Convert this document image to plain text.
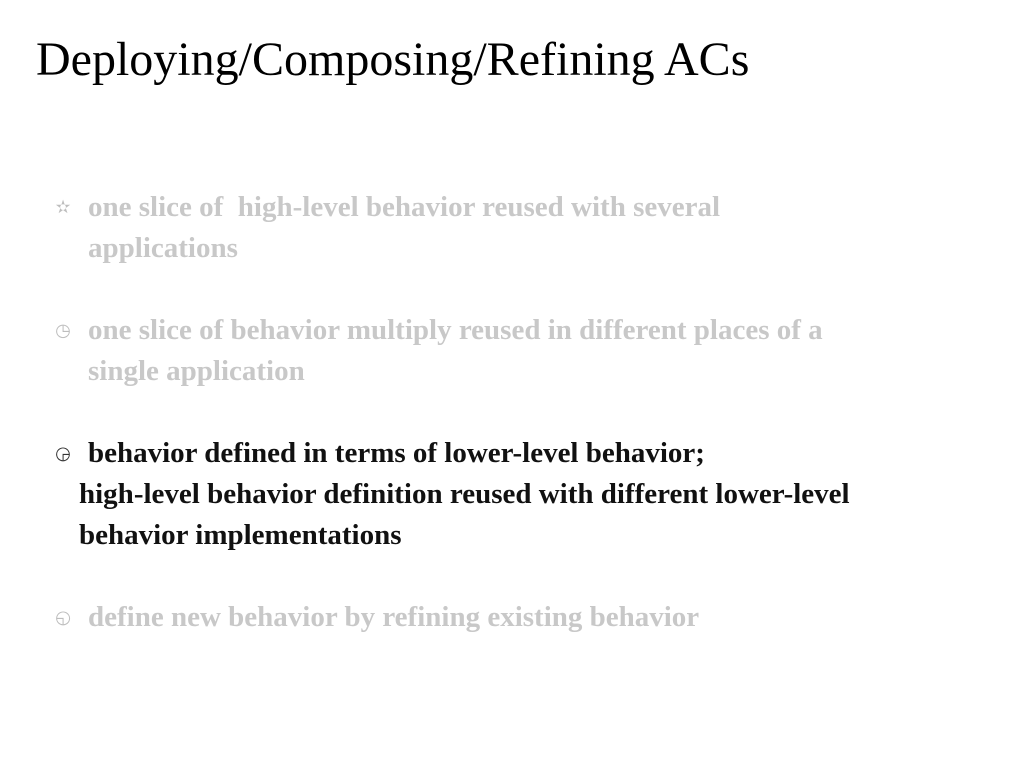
Deploying/Composing/Refining ACs
✫ one slice of  high-level behavior reused with several
applications
◷ one slice of behavior multiply reused in different places of a
single application
◶ behavior defined in terms of lower-level behavior;
high-level behavior definition reused with different lower-level
behavior implementations
◵ define new behavior by refining existing behavior
